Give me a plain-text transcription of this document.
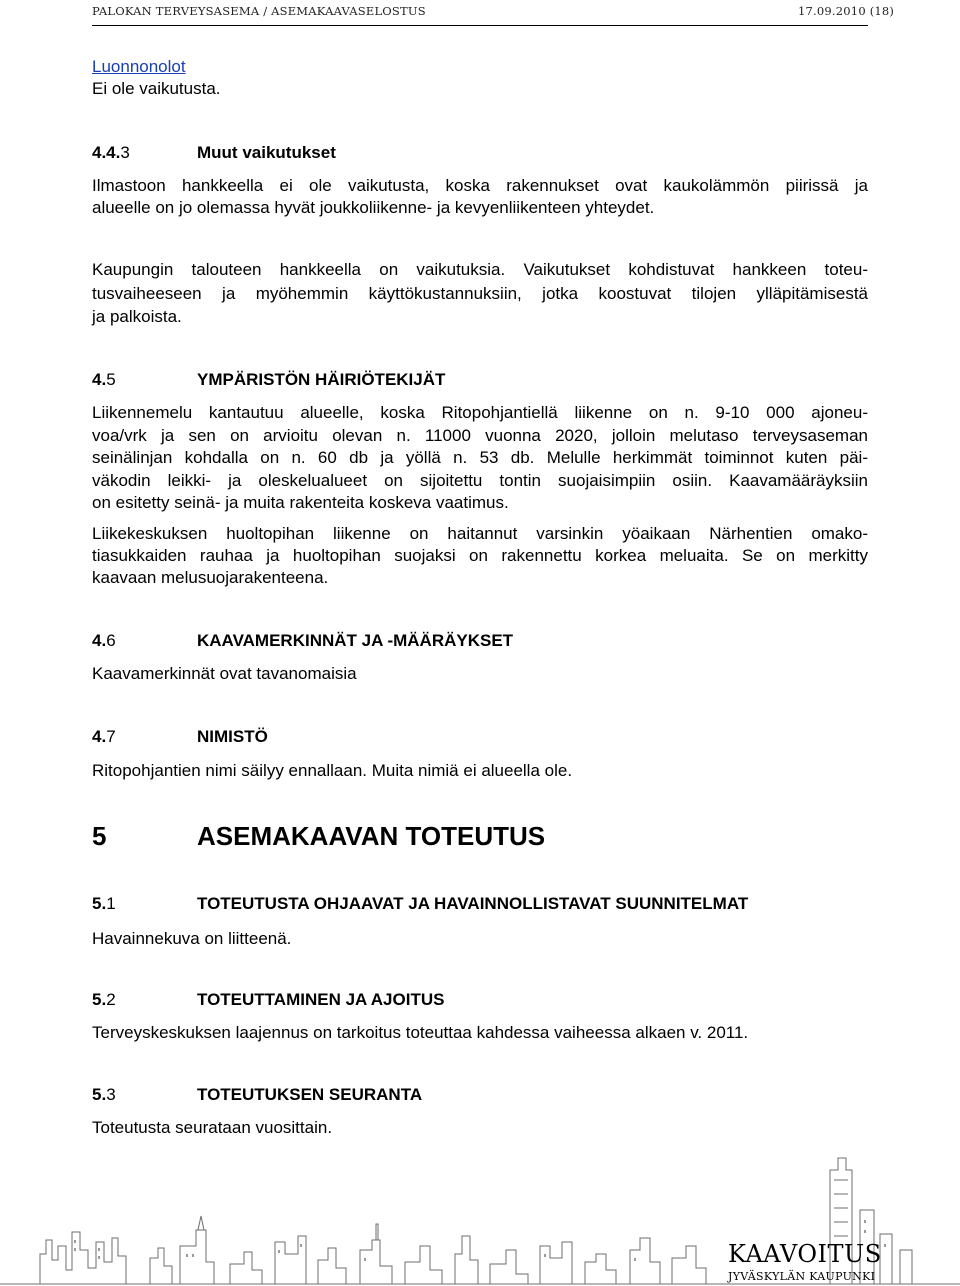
PALOKAN TERVEYSASEMA / ASEMAKAAVASELOSTUS	17.09.2010 (18)
Luonnonolot
Ei ole vaikutusta.
4.4.3	Muut vaikutukset
Ilmastoon hankkeella ei ole vaikutusta, koska rakennukset ovat kaukolämmön piirissä ja
alueelle on jo olemassa hyvät joukkoliikenne- ja kevyenliikenteen yhteydet.
Kaupungin talouteen hankkeella on vaikutuksia. Vaikutukset kohdistuvat hankkeen toteu-
tusvaiheeseen ja myöhemmin käyttökustannuksiin, jotka koostuvat tilojen ylläpitämisestä
ja palkoista.
4.5	YMPÄRISTÖN HÄIRIÖTEKIJÄT
Liikennemelu kantautuu alueelle, koska Ritopohjantiellä liikenne on n. 9-10 000 ajoneu-
voa/vrk ja sen on arvioitu olevan n. 11000 vuonna 2020, jolloin melutaso terveysaseman
seinälinjan kohdalla on n. 60 db ja yöllä n. 53 db. Melulle herkimmät toiminnot kuten päi-
väkodin leikki- ja oleskelualueet on sijoitettu tontin suojaisimpiin osiin. Kaavamääräyksiin
on esitetty seinä- ja muita rakenteita koskeva vaatimus.
Liikekeskuksen huoltopihan liikenne on haitannut varsinkin yöaikaan Närhentien omako-
tiasukkaiden rauhaa ja huoltopihan suojaksi on rakennettu korkea meluaita. Se on merkitty
kaavaan melusuojarakenteena.
4.6	KAAVAMERKINNÄT JA -MÄÄRÄYKSET
Kaavamerkinnät ovat tavanomaisia
4.7	NIMISTÖ
Ritopohjantien nimi säilyy ennallaan. Muita nimiä ei alueella ole.
5	ASEMAKAAVAN TOTEUTUS
5.1	TOTEUTUSTA OHJAAVAT JA HAVAINNOLLISTAVAT SUUNNITELMAT
Havainnekuva on liitteenä.
5.2	TOTEUTTAMINEN JA AJOITUS
Terveyskeskuksen laajennus on tarkoitus toteuttaa kahdessa vaiheessa alkaen v. 2011.
5.3	TOTEUTUKSEN SEURANTA
Toteutusta seurataan vuosittain.
KAAVOITUS
JYVÄSKYLÄN KAUPUNKI
